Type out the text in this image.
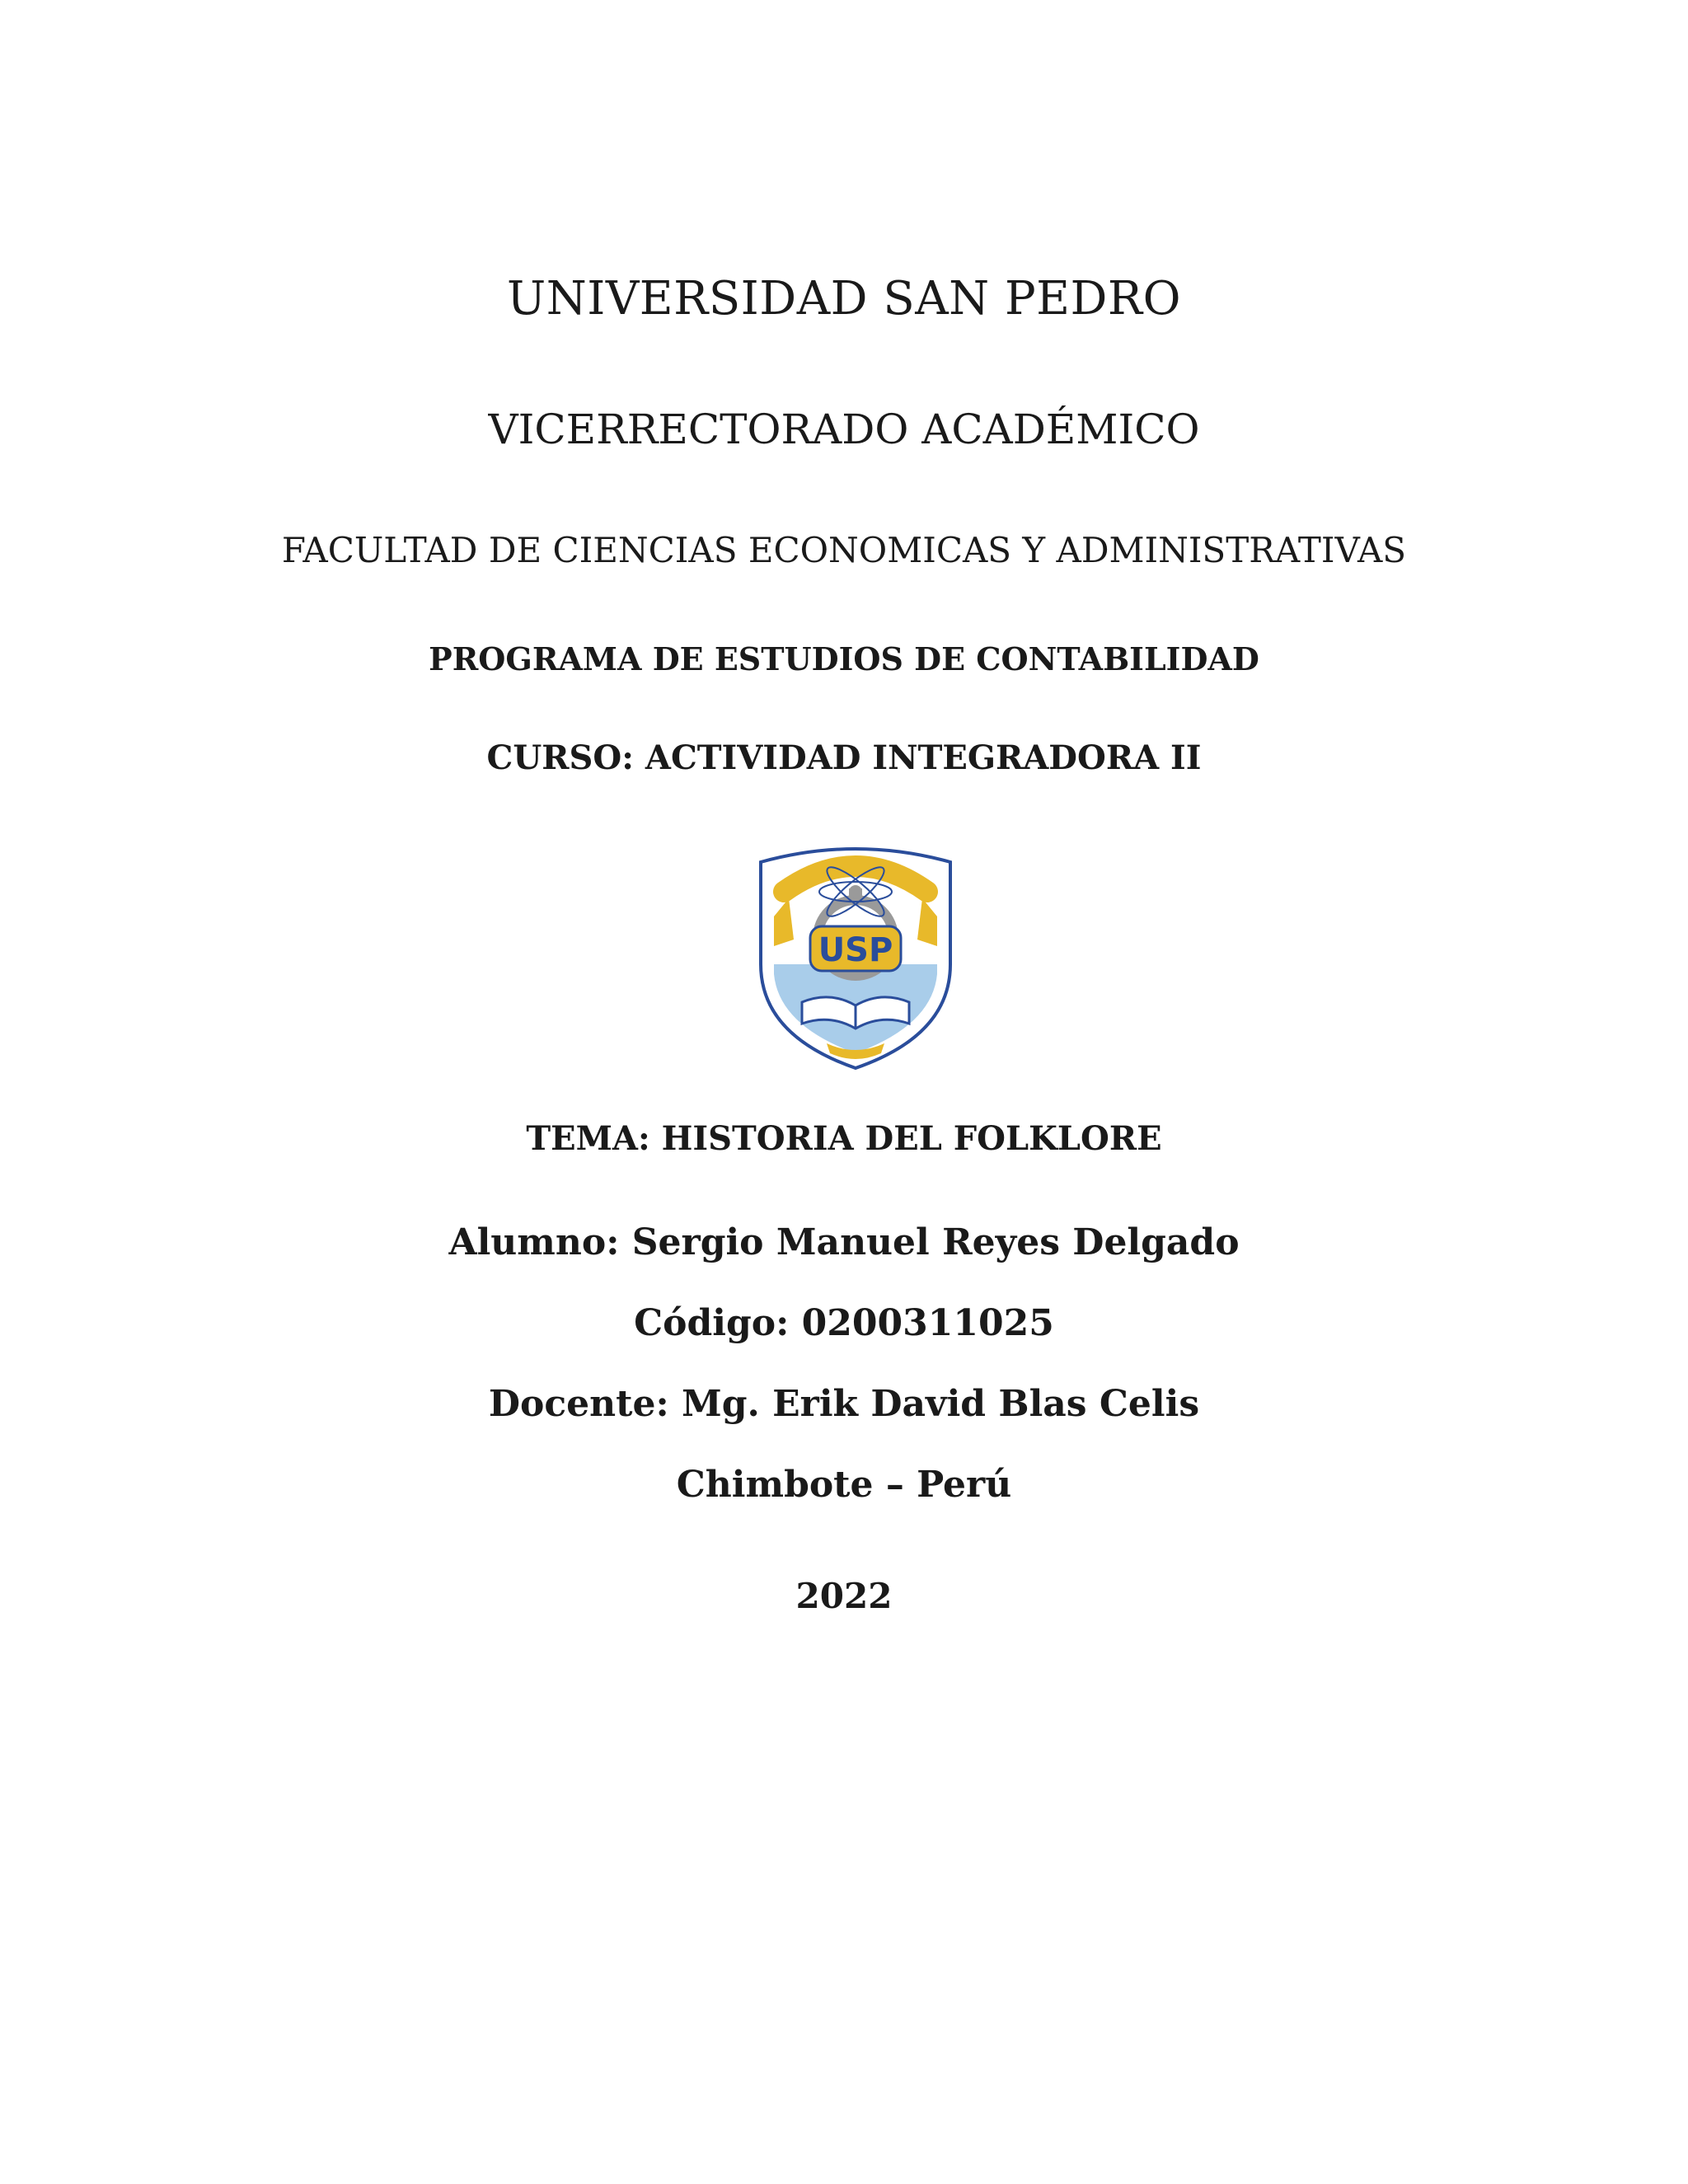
UNIVERSIDAD SAN PEDRO
VICERRECTORADO ACADÉMICO
FACULTAD DE CIENCIAS ECONOMICAS Y ADMINISTRATIVAS
PROGRAMA DE ESTUDIOS DE CONTABILIDAD
CURSO: ACTIVIDAD INTEGRADORA II
USP
TEMA: HISTORIA DEL FOLKLORE
Alumno: Sergio Manuel Reyes Delgado
Código: 0200311025
Docente: Mg. Erik David Blas Celis
Chimbote – Perú
2022
